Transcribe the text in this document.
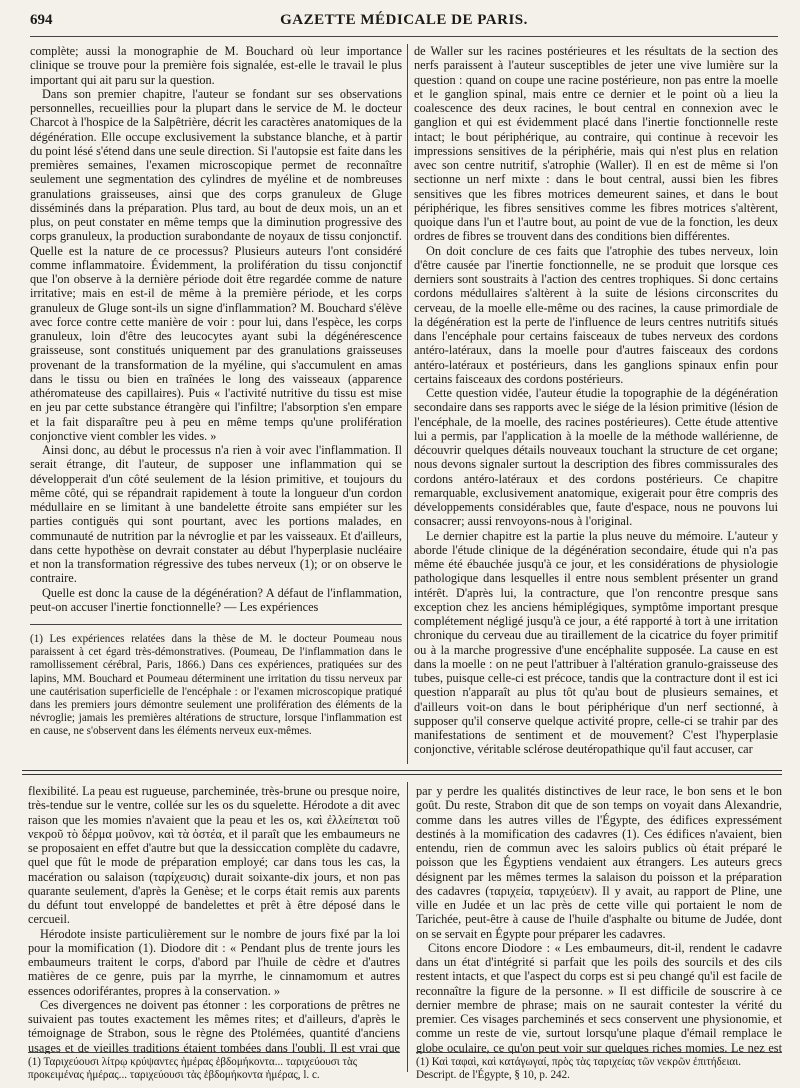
694	GAZETTE MÉDICALE DE PARIS.

complète; aussi la monographie de M. Bouchard où leur importance clinique se trouve pour la première fois signalée, est-elle le travail le plus important qui ait paru sur la question.

Dans son premier chapitre, l'auteur se fondant sur ses observations personnelles, recueillies pour la plupart dans le service de M. le docteur Charcot à l'hospice de la Salpêtrière, décrit les caractères anatomiques de la dégénération. Elle occupe exclusivement la substance blanche, et à partir du point lésé s'étend dans une seule direction. Si l'autopsie est faite dans les premières semaines, l'examen microscopique permet de reconnaître seulement une segmentation des cylindres de myéline et de nombreuses granulations graisseuses, ainsi que des corps granuleux de Gluge disséminés dans la préparation. Plus tard, au bout de deux mois, un an et plus, on peut constater en même temps que la diminution progressive des corps granuleux, la production surabondante de noyaux de tissu conjonctif. Quelle est la nature de ce processus? Plusieurs auteurs l'ont considéré comme inflammatoire. Évidemment, la prolifération du tissu conjonctif que l'on observe à la dernière période doit être regardée comme de nature irritative; mais en est-il de même à la première période, et les corps granuleux de Gluge sont-ils un signe d'inflammation? M. Bouchard s'élève avec force contre cette manière de voir : pour lui, dans l'espèce, les corps granuleux, loin d'être des leucocytes ayant subi la dégénérescence graisseuse, sont constitués uniquement par des granulations graisseuses provenant de la transformation de la myéline, qui s'accumulent en amas dans le tissu ou bien en traînées le long des vaisseaux (apparence athéromateuse des capillaires). Puis « l'activité nutritive du tissu est mise en jeu par cette substance étrangère qui l'infiltre; l'absorption s'en empare et la fait disparaître peu à peu en même temps qu'une prolifération conjonctive vient combler les vides. »

Ainsi donc, au début le processus n'a rien à voir avec l'inflammation. Il serait étrange, dit l'auteur, de supposer une inflammation qui se développerait d'un côté seulement de la lésion primitive, et toujours du même côté, qui se répandrait rapidement à toute la longueur d'un cordon médullaire en se limitant à une bandelette étroite sans empiéter sur les parties contiguës qui sont pourtant, avec les portions malades, en communauté de nutrition par la névroglie et par les vaisseaux. Et d'ailleurs, dans cette hypothèse on devrait constater au début l'hyperplasie nucléaire et non la transformation régressive des tubes nerveux (1); or on observe le contraire.

Quelle est donc la cause de la dégénération? A défaut de l'inflammation, peut-on accuser l'inertie fonctionnelle? — Les expériences

(1) Les expériences relatées dans la thèse de M. le docteur Poumeau nous paraissent à cet égard très-démonstratives. (Poumeau, De l'inflammation dans le ramollissement cérébral, Paris, 1866.) Dans ces expériences, pratiquées sur des lapins, MM. Bouchard et Poumeau déterminent une irritation du tissu nerveux par une cautérisation superficielle de l'encéphale : or l'examen microscopique pratiqué dans les premiers jours démontre seulement une prolifération des éléments de la névroglie; jamais les premières altérations de structure, lorsque l'inflammation est en cause, ne s'observent dans les éléments nerveux eux-mêmes.

de Waller sur les racines postérieures et les résultats de la section des nerfs paraissent à l'auteur susceptibles de jeter une vive lumière sur la question : quand on coupe une racine postérieure, non pas entre la moelle et le ganglion spinal, mais entre ce dernier et le point où a lieu la coalescence des deux racines, le bout central en connexion avec le ganglion et qui est évidemment placé dans l'inertie fonctionnelle reste intact; le bout périphérique, au contraire, qui continue à recevoir les impressions sensitives de la périphérie, mais qui n'est plus en relation avec son centre nutritif, s'atrophie (Waller). Il en est de même si l'on sectionne un nerf mixte : dans le bout central, aussi bien les fibres sensitives que les fibres motrices demeurent saines, et dans le bout périphérique, les fibres sensitives comme les fibres motrices s'altèrent, quoique dans l'un et l'autre bout, au point de vue de la fonction, les deux ordres de fibres se trouvent dans des conditions bien différentes.

On doit conclure de ces faits que l'atrophie des tubes nerveux, loin d'être causée par l'inertie fonctionnelle, ne se produit que lorsque ces derniers sont soustraits à l'action des centres trophiques. Si donc certains cordons médullaires s'altèrent à la suite de lésions circonscrites du cerveau, de la moelle elle-même ou des racines, la cause primordiale de la dégénération est la perte de l'influence de leurs centres nutritifs situés dans l'encéphale pour certains faisceaux de tubes nerveux des cordons antéro-latéraux, dans la moelle pour d'autres faisceaux des cordons antéro-latéraux et postérieurs, dans les ganglions spinaux enfin pour certains faisceaux des cordons postérieurs.

Cette question vidée, l'auteur étudie la topographie de la dégénération secondaire dans ses rapports avec le siége de la lésion primitive (lésion de l'encéphale, de la moelle, des racines postérieures). Cette étude attentive lui a permis, par l'application à la moelle de la méthode wallérienne, de découvrir quelques détails nouveaux touchant la structure de cet organe; nous devons signaler surtout la description des fibres commissurales des cordons antéro-latéraux et des cordons postérieurs. Ce chapitre remarquable, exclusivement anatomique, exigerait pour être compris des développements considérables que, faute d'espace, nous ne pouvons lui consacrer; aussi renvoyons-nous à l'original.

Le dernier chapitre est la partie la plus neuve du mémoire. L'auteur y aborde l'étude clinique de la dégénération secondaire, étude qui n'a pas même été ébauchée jusqu'à ce jour, et les considérations de physiologie pathologique dans lesquelles il entre nous semblent présenter un grand intérêt. D'après lui, la contracture, que l'on rencontre presque sans exception chez les anciens hémiplégiques, symptôme important presque complétement négligé jusqu'à ce jour, a été rapporté à tort à une irritation chronique du cerveau due au tiraillement de la cicatrice du foyer primitif ou à la marche progressive d'une encéphalite supposée. La cause en est dans la moelle : on ne peut l'attribuer à l'altération granulo-graisseuse des tubes, puisque celle-ci est précoce, tandis que la contracture dont il est ici question n'apparaît au plus tôt qu'au bout de plusieurs semaines, et d'ailleurs voit-on dans le bout périphérique d'un nerf sectionné, à supposer qu'il conserve quelque activité propre, celle-ci se trahir par des manifestations de sentiment et de mouvement? C'est l'hyperplasie conjonctive, véritable sclérose deutéropathique qu'il faut accuser, car

flexibilité. La peau est rugueuse, parcheminée, très-brune ou presque noire, très-tendue sur le ventre, collée sur les os du squelette. Hérodote a dit avec raison que les momies n'avaient que la peau et les os, καὶ ἐλλείπεται τοῦ νεκροῦ τὸ δέρμα μοῦνον, καὶ τὰ ὀστέα, et il paraît que les embaumeurs ne se proposaient en effet d'autre but que la dessiccation complète du cadavre, quel que fût le mode de préparation employé; car dans tous les cas, la macération ou salaison (ταρίχευσις) durait soixante-dix jours, et non pas quarante seulement, d'après la Genèse; et le corps était remis aux parents du défunt tout enveloppé de bandelettes et prêt à être déposé dans le cercueil.

Hérodote insiste particulièrement sur le nombre de jours fixé par la loi pour la momification (1). Diodore dit : « Pendant plus de trente jours les embaumeurs traitent le corps, d'abord par l'huile de cèdre et d'autres matières de ce genre, puis par la myrrhe, le cinnamomum et autres essences odoriférantes, propres à la conservation. »

Ces divergences ne doivent pas étonner : les corporations de prêtres ne suivaient pas toutes exactement les mêmes rites; et d'ailleurs, d'après le témoignage de Strabon, sous le règne des Ptolémées, quantité d'anciens usages et de vieilles traditions étaient tombées dans l'oubli. Il est vrai que

par y perdre les qualités distinctives de leur race, le bon sens et le bon goût. Du reste, Strabon dit que de son temps on voyait dans Alexandrie, comme dans les autres villes de l'Égypte, des édifices expressément destinés à la momification des cadavres (1). Ces édifices n'avaient, bien entendu, rien de commun avec les saloirs publics où était préparé le poisson que les Égyptiens vendaient aux étrangers. Les auteurs grecs désignent par les mêmes termes la salaison du poisson et la préparation des cadavres (ταριχεία, ταριχεύειν). Il y avait, au rapport de Pline, une ville en Judée et un lac près de cette ville qui portaient le nom de Tarichée, peut-être à cause de l'huile d'asphalte ou bitume de Judée, dont on se servait en Égypte pour préparer les cadavres.

Citons encore Diodore : « Les embaumeurs, dit-il, rendent le cadavre dans un état d'intégrité si parfait que les poils des sourcils et des cils restent intacts, et que l'aspect du corps est si peu changé qu'il est facile de reconnaître la figure de la personne. » Il est difficile de souscrire à ce dernier membre de phrase; mais on ne saurait contester la vérité du premier. Ces visages parcheminés et secs conservent une physionomie, et comme un reste de vie, surtout lorsqu'une plaque d'émail remplace le globe oculaire, ce qu'on peut voir sur quelques riches momies. Le nez est

(1) Ταριχεύουσι λίτρῳ κρύψαντες ἡμέρας ἑβδομήκοντα... ταριχεύουσι τὰς προκειμένας ἡμέρας... ταριχεύουσι τὰς ἑβδομήκοντα ἡμέρας, l. c.
(1) Καὶ ταφαὶ, καὶ κατάγωγαί, πρὸς τὰς ταριχείας τῶν νεκρῶν ἐπιτήδειαι. Descript. de l'Égypte, § 10, p. 242.
